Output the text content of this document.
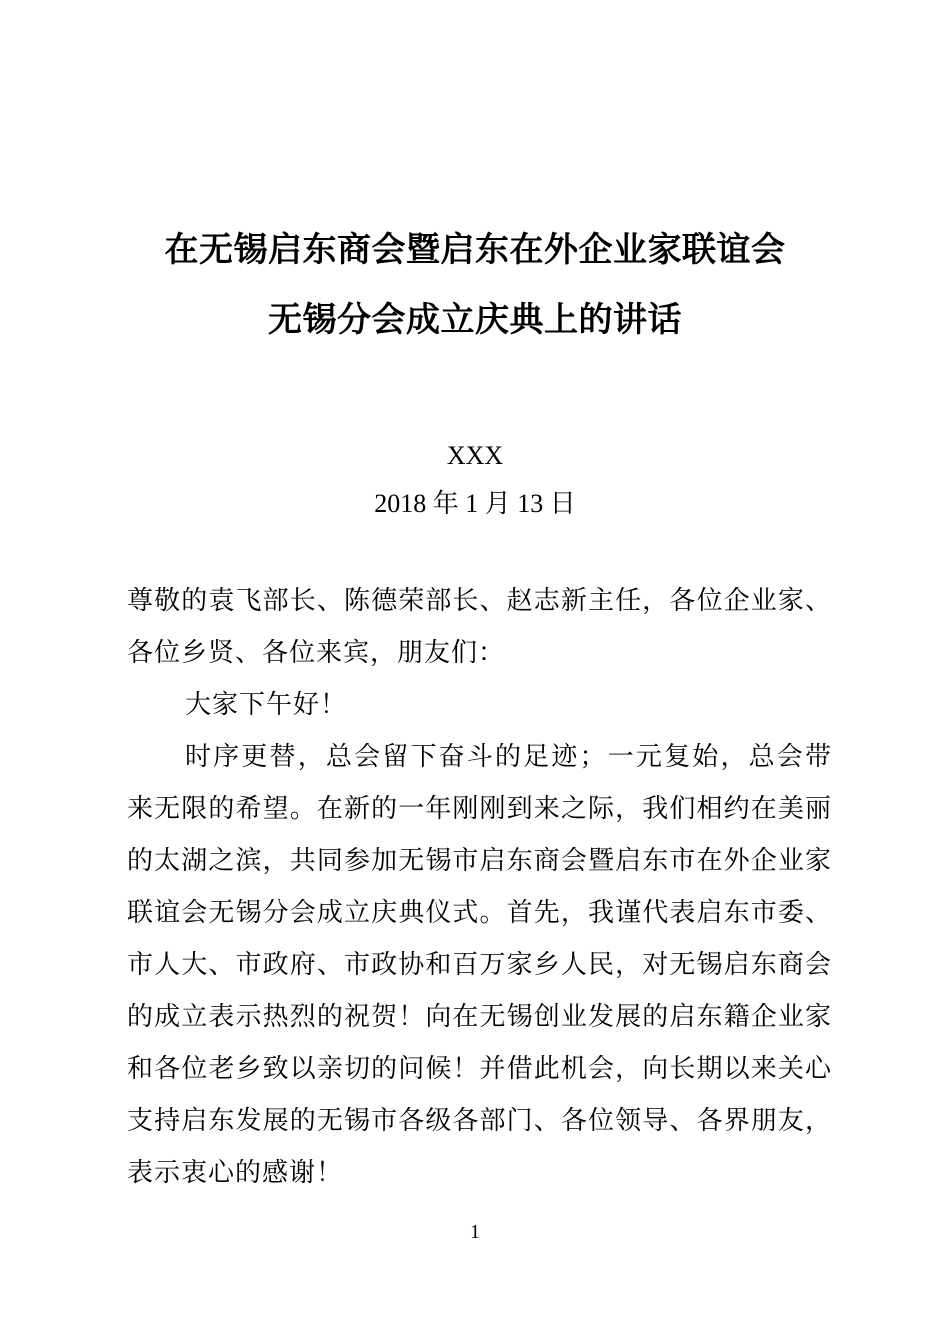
在无锡启东商会暨启东在外企业家联谊会
无锡分会成立庆典上的讲话
XXX
2018 年 1 月 13 日

尊敬的袁飞部长、陈德荣部长、赵志新主任，各位企业家、各位乡贤、各位来宾，朋友们：

大家下午好！

时序更替，总会留下奋斗的足迹；一元复始，总会带来无限的希望。在新的一年刚刚到来之际，我们相约在美丽的太湖之滨，共同参加无锡市启东商会暨启东市在外企业家联谊会无锡分会成立庆典仪式。首先，我谨代表启东市委、市人大、市政府、市政协和百万家乡人民，对无锡启东商会的成立表示热烈的祝贺！向在无锡创业发展的启东籍企业家和各位老乡致以亲切的问候！并借此机会，向长期以来关心支持启东发展的无锡市各级各部门、各位领导、各界朋友，表示衷心的感谢！

1
